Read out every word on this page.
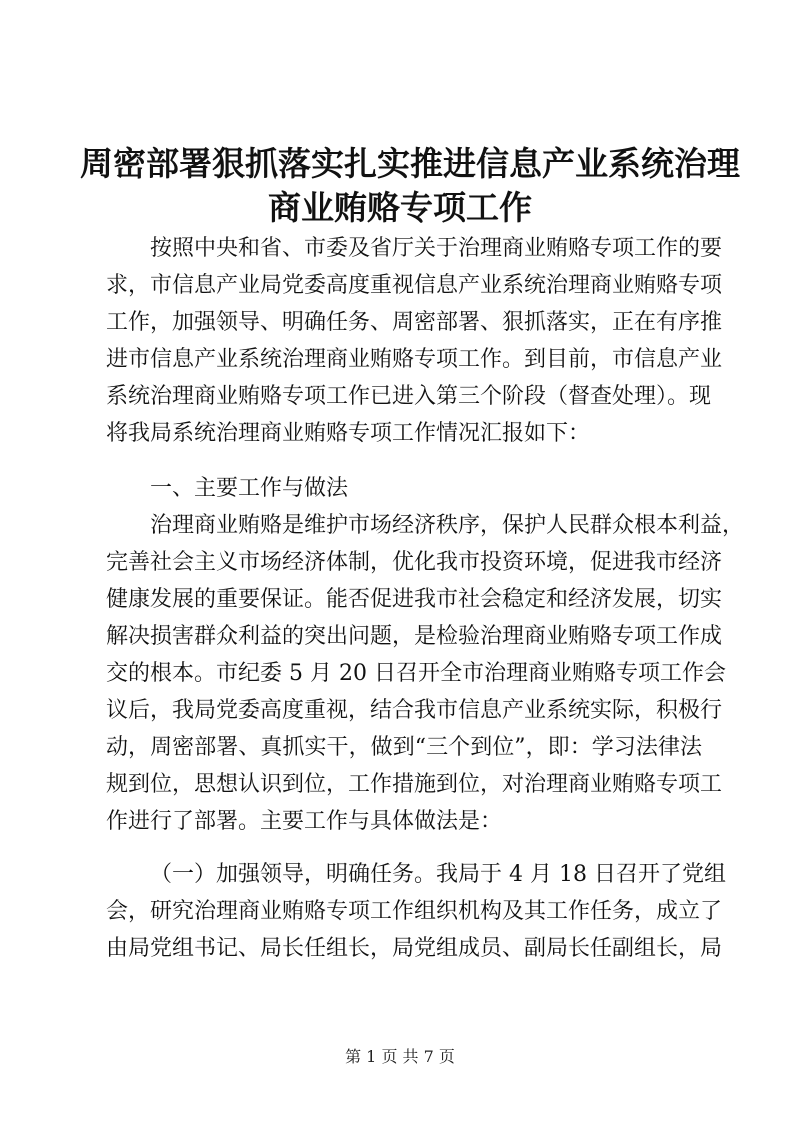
周密部署狠抓落实扎实推进信息产业系统治理
商业贿赂专项工作
按照中央和省、市委及省厅关于治理商业贿赂专项工作的要
求，市信息产业局党委高度重视信息产业系统治理商业贿赂专项
工作，加强领导、明确任务、周密部署、狠抓落实，正在有序推
进市信息产业系统治理商业贿赂专项工作。到目前，市信息产业
系统治理商业贿赂专项工作已进入第三个阶段（督查处理）。现
将我局系统治理商业贿赂专项工作情况汇报如下：
一、主要工作与做法
治理商业贿赂是维护市场经济秩序，保护人民群众根本利益，
完善社会主义市场经济体制，优化我市投资环境，促进我市经济
健康发展的重要保证。能否促进我市社会稳定和经济发展，切实
解决损害群众利益的突出问题，是检验治理商业贿赂专项工作成
交的根本。市纪委 5 月 20 日召开全市治理商业贿赂专项工作会
议后，我局党委高度重视，结合我市信息产业系统实际，积极行
动，周密部署、真抓实干，做到“三个到位”，即：学习法律法
规到位，思想认识到位，工作措施到位，对治理商业贿赂专项工
作进行了部署。主要工作与具体做法是：
（一）加强领导，明确任务。我局于 4 月 18 日召开了党组
会，研究治理商业贿赂专项工作组织机构及其工作任务，成立了
由局党组书记、局长任组长，局党组成员、副局长任副组长，局
第 1 页 共 7 页
